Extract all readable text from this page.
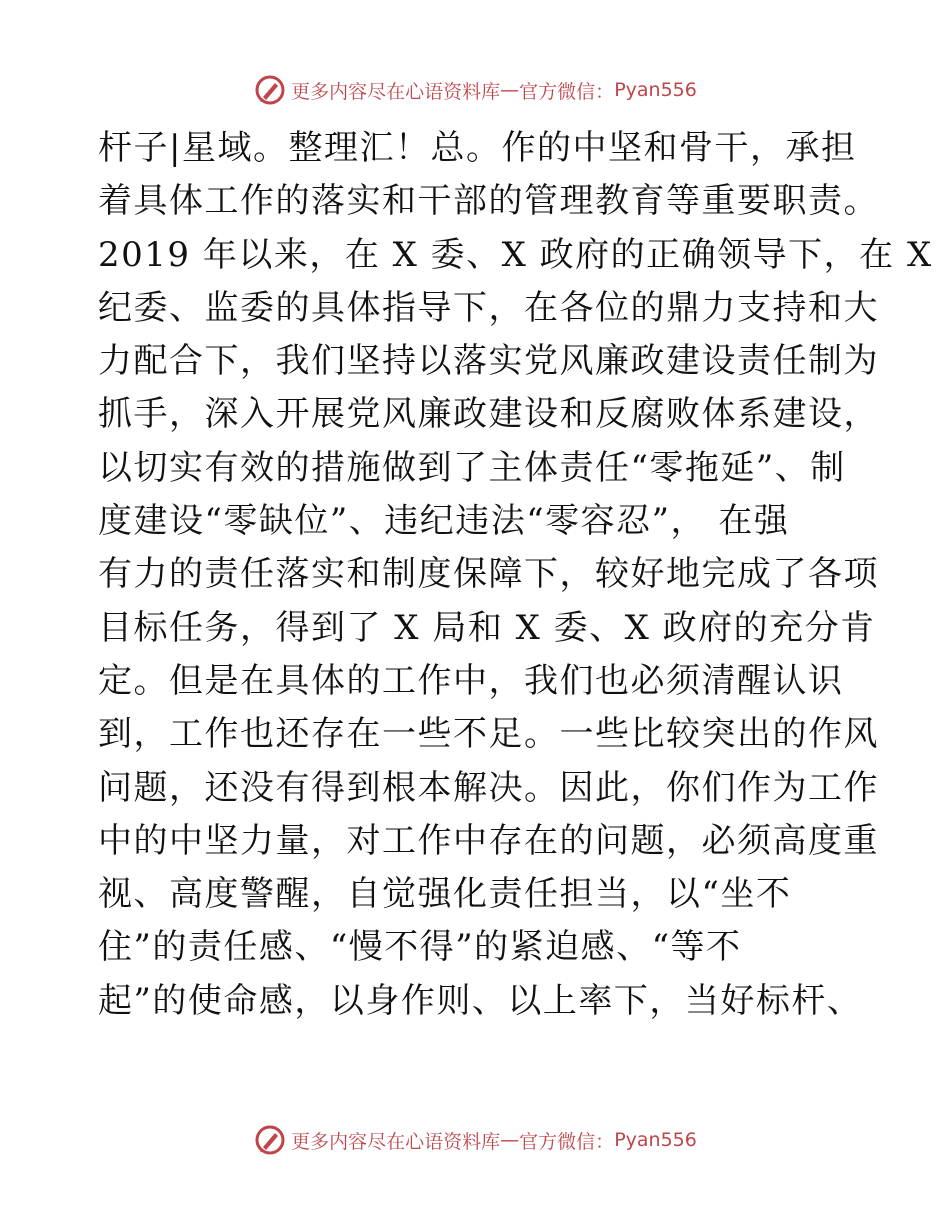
更多内容尽在心语资料库 — 官方微信： Pyan556
杆子|星域。整理汇！总。作的中坚和骨干，承担
着具体工作的落实和干部的管理教育等重要职责。
2019 年以来，在 X 委、X 政府的正确领导下，在 X
纪委、监委的具体指导下，在各位的鼎力支持和大
力配合下，我们坚持以落实党风廉政建设责任制为
抓手，深入开展党风廉政建设和反腐败体系建设，
以切实有效的措施做到了主体责任“零拖延”、制
度建设“零缺位”、违纪违法“零容忍”， 在强
有力的责任落实和制度保障下，较好地完成了各项
目标任务，得到了 X 局和 X 委、X 政府的充分肯
定。但是在具体的工作中，我们也必须清醒认识
到，工作也还存在一些不足。一些比较突出的作风
问题，还没有得到根本解决。因此，你们作为工作
中的中坚力量，对工作中存在的问题，必须高度重
视、高度警醒，自觉强化责任担当，以“坐不
住”的责任感、“慢不得”的紧迫感、“等不
起”的使命感，以身作则、以上率下，当好标杆、
更多内容尽在心语资料库 — 官方微信： Pyan556
